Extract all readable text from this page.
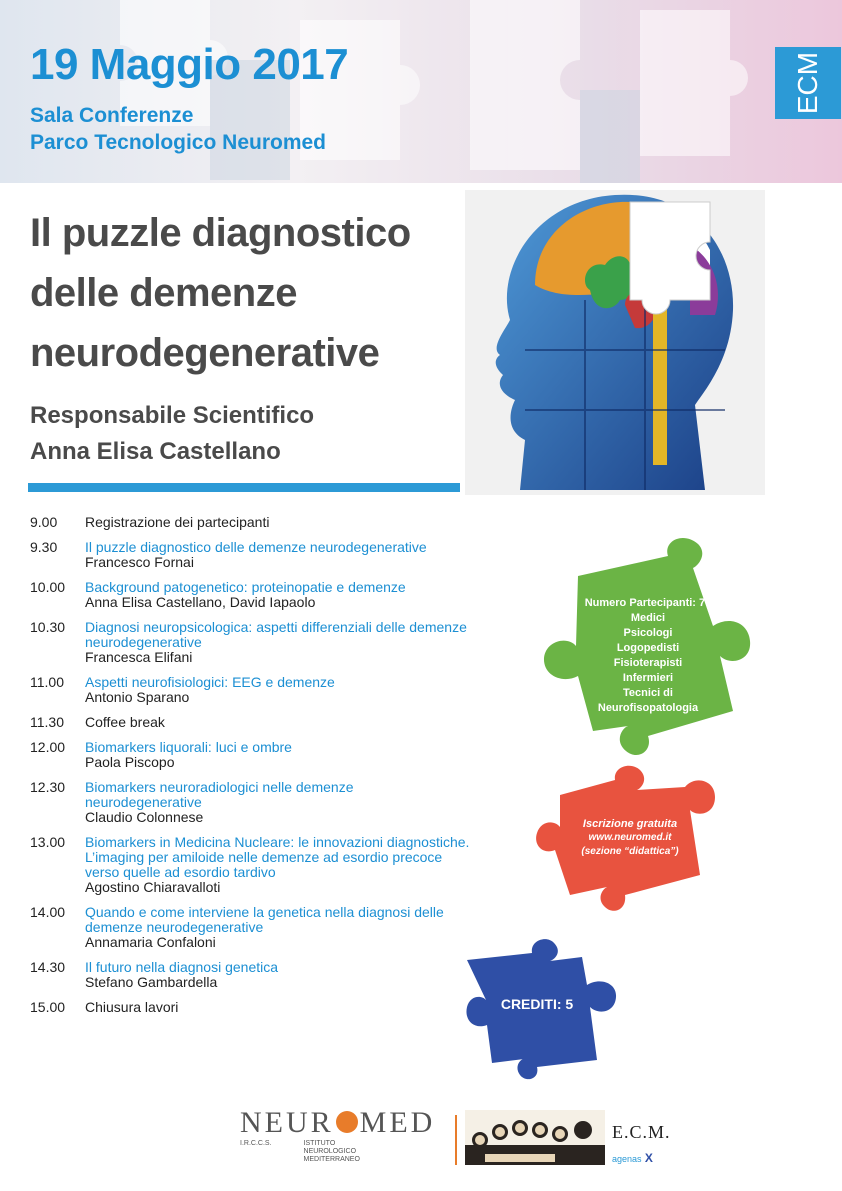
19 Maggio 2017
Sala Conferenze
Parco Tecnologico Neuromed
ECM
Il puzzle diagnostico
delle demenze
neurodegenerative
Responsabile Scientifico
Anna Elisa Castellano
9.00	Registrazione dei partecipanti
9.30	Il puzzle diagnostico delle demenze neurodegenerative
Francesco Fornai
10.00	Background patogenetico: proteinopatie e demenze
Anna Elisa Castellano, David Iapaolo
10.30	Diagnosi neuropsicologica: aspetti differenziali delle demenze neurodegenerative
Francesca Elifani
11.00	Aspetti neurofisiologici: EEG e demenze
Antonio Sparano
11.30	Coffee break
12.00	Biomarkers liquorali: luci e ombre
Paola Piscopo
12.30	Biomarkers neuroradiologici nelle demenze neurodegenerative
Claudio Colonnese
13.00	Biomarkers in Medicina Nucleare: le innovazioni diagnostiche. L’imaging per amiloide nelle demenze ad esordio precoce verso quelle ad esordio tardivo
Agostino Chiaravalloti
14.00	Quando e come interviene la genetica nella diagnosi delle demenze neurodegenerative
Annamaria Confaloni
14.30	Il futuro nella diagnosi genetica
Stefano Gambardella
15.00	Chiusura lavori
Numero Partecipanti: 70
Medici
Psicologi
Logopedisti
Fisioterapisti
Infermieri
Tecnici di
Neurofisopatologia
Iscrizione gratuita
www.neuromed.it
(sezione “didattica”)
CREDITI: 5
NEUR MED
I.R.C.C.S.	ISTITUTO
NEUROLOGICO
MEDITERRANEO
E.C.M.
agenas X
